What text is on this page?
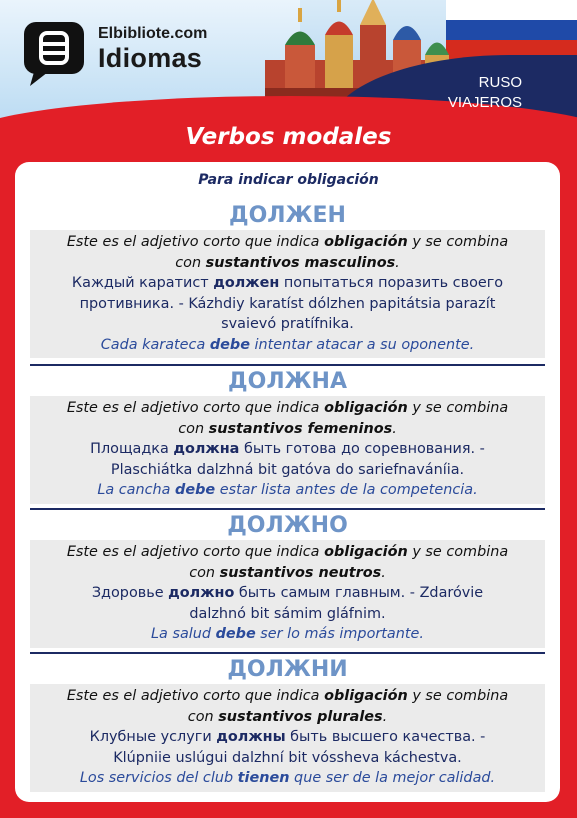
Elbibliote.com
Idiomas
RUSO
VIAJEROS
Verbos modales
Para indicar obligación
ДОЛЖЕН
Este es el adjetivo corto que indica obligación y se combina
con sustantivos masculinos.
Каждый каратист должен попытаться поразить своего
противника. - Kázhdiy karatíst dólzhen papitátsia parazít
svaievó pratífnika.
Cada karateca debe intentar atacar a su oponente.
ДОЛЖНА
Este es el adjetivo corto que indica obligación y se combina
con sustantivos femeninos.
Площадка должна быть готова до соревнования. -
Plaschiátka dalzhná bit gatóva do sariefnaváníia.
La cancha debe estar lista antes de la competencia.
ДОЛЖНО
Este es el adjetivo corto que indica obligación y se combina
con sustantivos neutros.
Здоровье должно быть самым главным. - Zdaróvie
dalzhnó bit sámim gláfnim.
La salud debe ser lo más importante.
ДОЛЖНИ
Este es el adjetivo corto que indica obligación y se combina
con sustantivos plurales.
Клубные услуги должны быть высшего качества. -
Klúpniie uslúgui dalzhní bit vóssheva káchestva.
Los servicios del club tienen que ser de la mejor calidad.
